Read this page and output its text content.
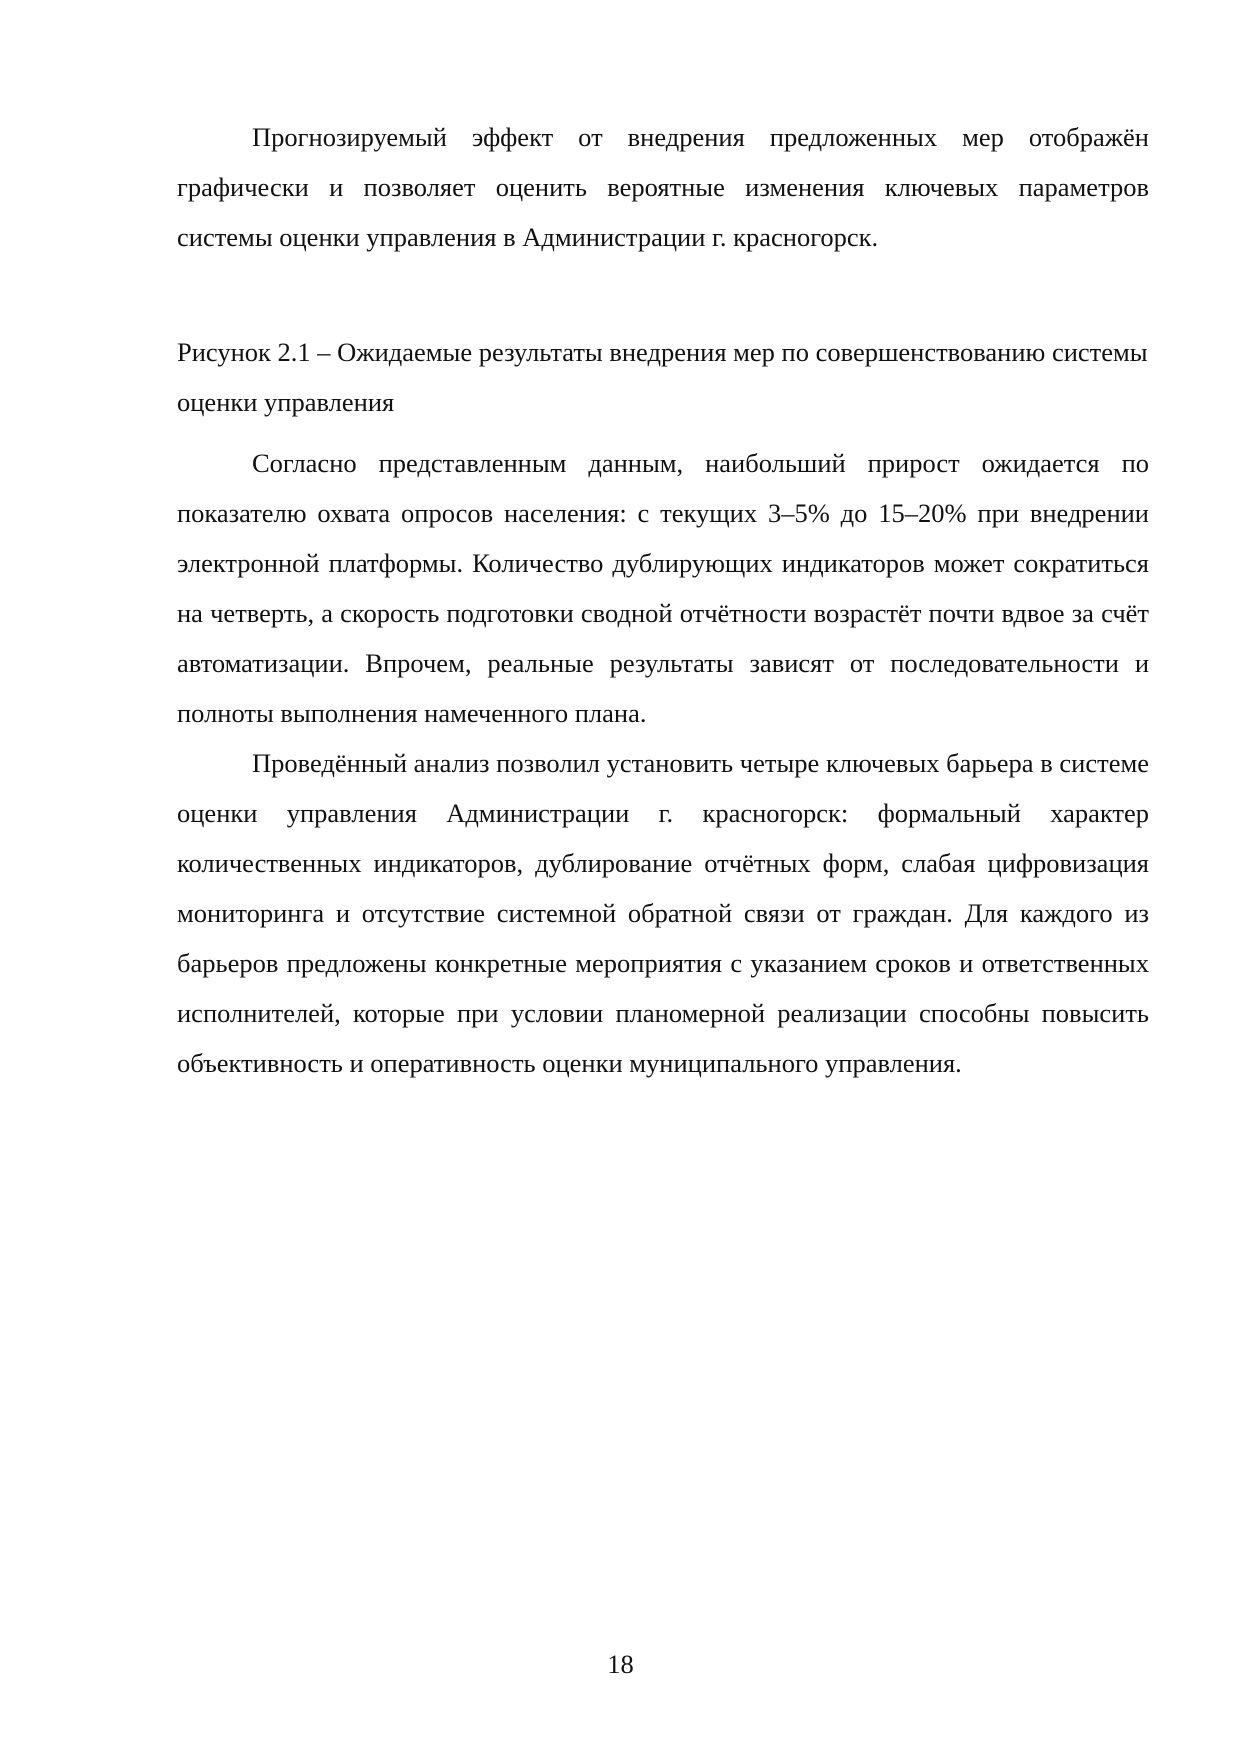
Прогнозируемый эффект от внедрения предложенных мер отображён графически и позволяет оценить вероятные изменения ключевых параметров системы оценки управления в Администрации г. красногорск.

Рисунок 2.1 – Ожидаемые результаты внедрения мер по совершенствованию системы оценки управления

Согласно представленным данным, наибольший прирост ожидается по показателю охвата опросов населения: с текущих 3–5% до 15–20% при внедрении электронной платформы. Количество дублирующих индикаторов может сократиться на четверть, а скорость подготовки сводной отчётности возрастёт почти вдвое за счёт автоматизации. Впрочем, реальные результаты зависят от последовательности и полноты выполнения намеченного плана.

Проведённый анализ позволил установить четыре ключевых барьера в системе оценки управления Администрации г. красногорск: формальный характер количественных индикаторов, дублирование отчётных форм, слабая цифровизация мониторинга и отсутствие системной обратной связи от граждан. Для каждого из барьеров предложены конкретные мероприятия с указанием сроков и ответственных исполнителей, которые при условии планомерной реализации способны повысить объективность и оперативность оценки муниципального управления.

18
